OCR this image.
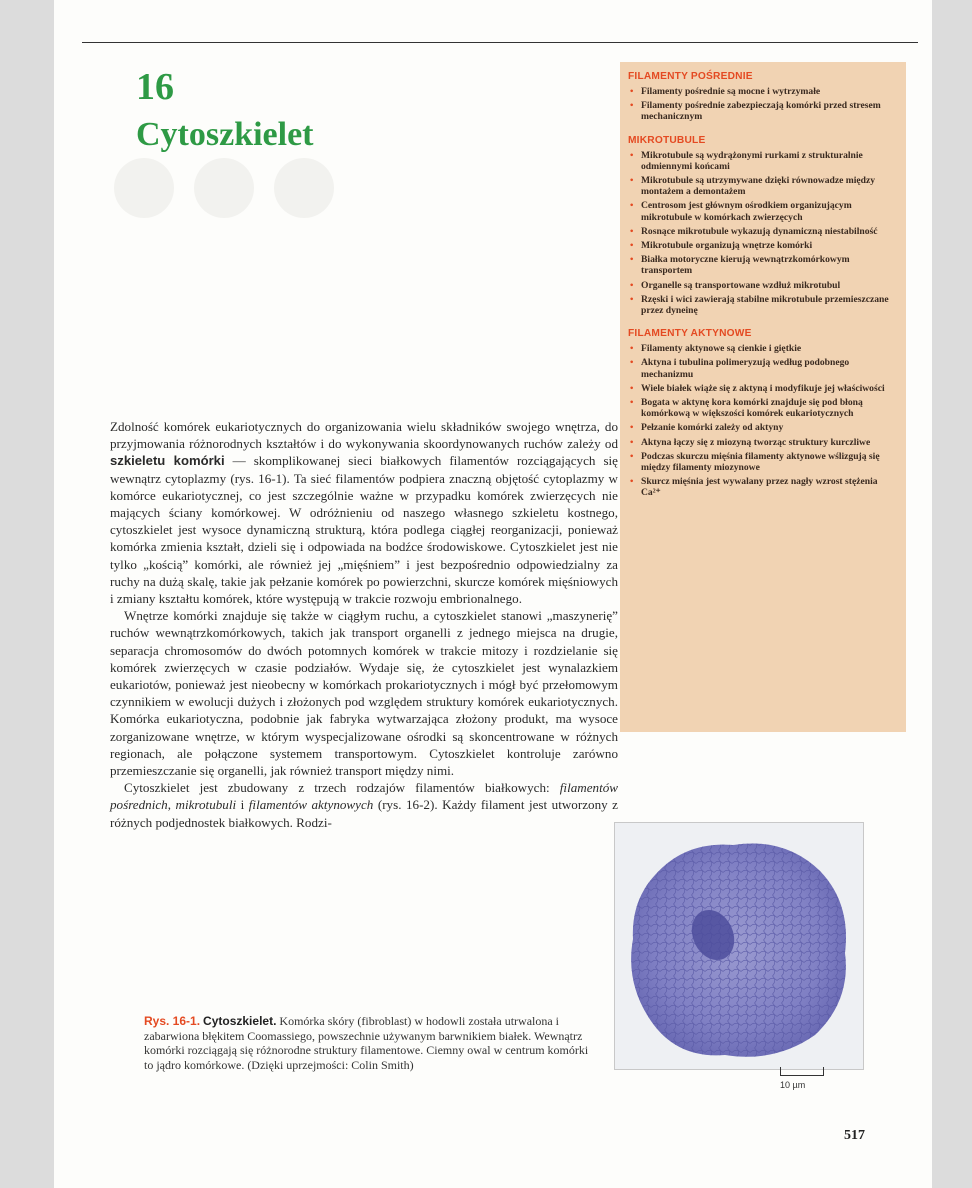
16
Cytoszkielet

Zdolność komórek eukariotycznych do organizowania wielu składników swojego wnętrza, do przyjmowania różnorodnych kształtów i do wykonywania skoordynowanych ruchów zależy od szkieletu komórki — skomplikowanej sieci białkowych filamentów rozciągających się wewnątrz cytoplazmy (rys. 16-1). Ta sieć filamentów podpiera znaczną objętość cytoplazmy w komórce eukariotycznej, co jest szczególnie ważne w przypadku komórek zwierzęcych nie mających ściany komórkowej. W odróżnieniu od naszego własnego szkieletu kostnego, cytoszkielet jest wysoce dynamiczną strukturą, która podlega ciągłej reorganizacji, ponieważ komórka zmienia kształt, dzieli się i odpowiada na bodźce środowiskowe. Cytoszkielet jest nie tylko „kością” komórki, ale również jej „mięśniem” i jest bezpośrednio odpowiedzialny za ruchy na dużą skalę, takie jak pełzanie komórek po powierzchni, skurcze komórek mięśniowych i zmiany kształtu komórek, które występują w trakcie rozwoju embrionalnego.

Wnętrze komórki znajduje się także w ciągłym ruchu, a cytoszkielet stanowi „maszynerię” ruchów wewnątrzkomórkowych, takich jak transport organelli z jednego miejsca na drugie, separacja chromosomów do dwóch potomnych komórek w trakcie mitozy i rozdzielanie się komórek zwierzęcych w czasie podziałów. Wydaje się, że cytoszkielet jest wynalazkiem eukariotów, ponieważ jest nieobecny w komórkach prokariotycznych i mógł być przełomowym czynnikiem w ewolucji dużych i złożonych pod względem struktury komórek eukariotycznych. Komórka eukariotyczna, podobnie jak fabryka wytwarzająca złożony produkt, ma wysoce zorganizowane wnętrze, w którym wyspecjalizowane ośrodki są skoncentrowane w różnych regionach, ale połączone systemem transportowym. Cytoszkielet kontroluje zarówno przemieszczanie się organelli, jak również transport między nimi.

Cytoszkielet jest zbudowany z trzech rodzajów filamentów białkowych: filamentów pośrednich, mikrotubuli i filamentów aktynowych (rys. 16-2). Każdy filament jest utworzony z różnych podjednostek białkowych. Rodzi-

FILAMENTY POŚREDNIE
• Filamenty pośrednie są mocne i wytrzymałe
• Filamenty pośrednie zabezpieczają komórki przed stresem mechanicznym
MIKROTUBULE
• Mikrotubule są wydrążonymi rurkami z strukturalnie odmiennymi końcami
• Mikrotubule są utrzymywane dzięki równowadze między montażem a demontażem
• Centrosom jest głównym ośrodkiem organizującym mikrotubule w komórkach zwierzęcych
• Rosnące mikrotubule wykazują dynamiczną niestabilność
• Mikrotubule organizują wnętrze komórki
• Białka motoryczne kierują wewnątrzkomórkowym transportem
• Organelle są transportowane wzdłuż mikrotubul
• Rzęski i wici zawierają stabilne mikrotubule przemieszczane przez dyneinę
FILAMENTY AKTYNOWE
• Filamenty aktynowe są cienkie i giętkie
• Aktyna i tubulina polimeryzują według podobnego mechanizmu
• Wiele białek wiąże się z aktyną i modyfikuje jej właściwości
• Bogata w aktynę kora komórki znajduje się pod błoną komórkową w większości komórek eukariotycznych
• Pełzanie komórki zależy od aktyny
• Aktyna łączy się z miozyną tworząc struktury kurczliwe
• Podczas skurczu mięśnia filamenty aktynowe wślizgują się między filamenty miozynowe
• Skurcz mięśnia jest wywalany przez nagły wzrost stężenia Ca²⁺
10 µm
Rys. 16-1. Cytoszkielet. Komórka skóry (fibroblast) w hodowli została utrwalona i zabarwiona błękitem Coomassiego, powszechnie używanym barwnikiem białek. Wewnątrz komórki rozciągają się różnorodne struktury filamentowe. Ciemny owal w centrum komórki to jądro komórkowe. (Dzięki uprzejmości: Colin Smith)
517
